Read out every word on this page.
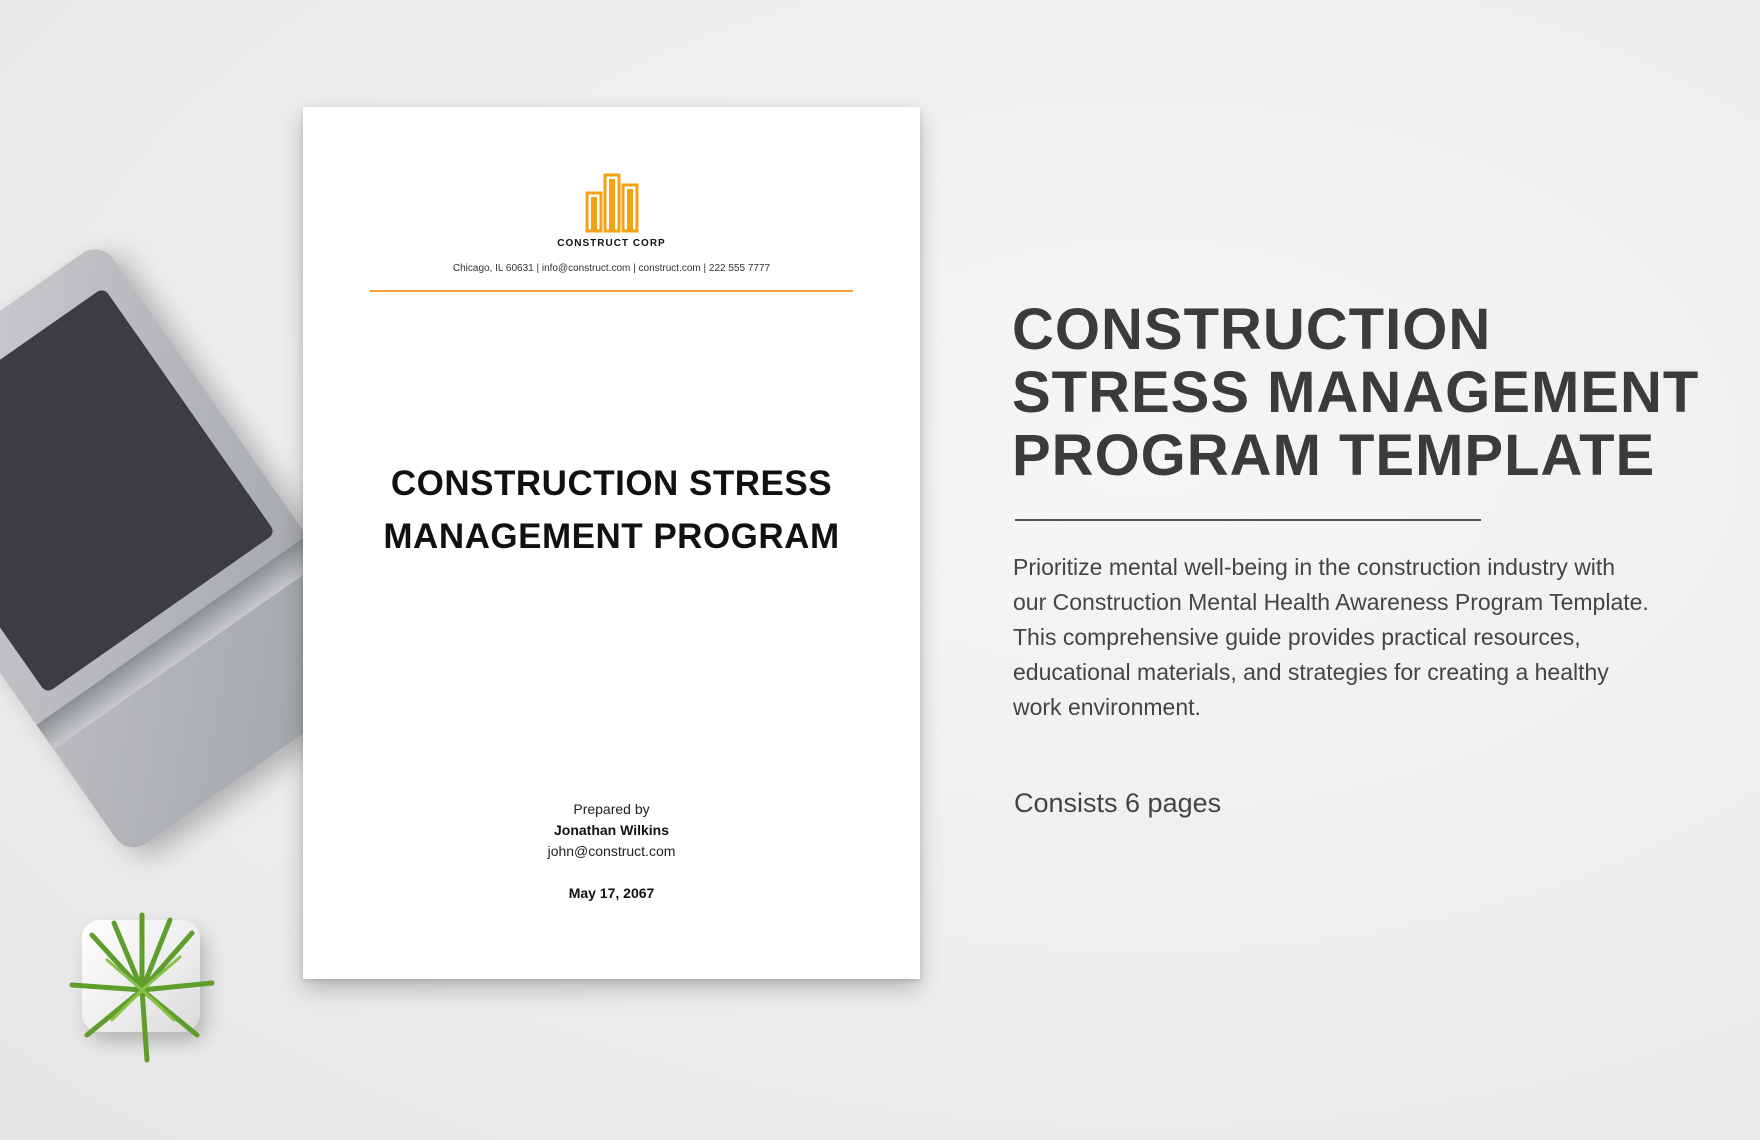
CONSTRUCT CORP
Chicago, IL 60631 | info@construct.com | construct.com | 222 555 7777
CONSTRUCTION STRESS
MANAGEMENT PROGRAM
Prepared by
Jonathan Wilkins
john@construct.com
May 17, 2067
CONSTRUCTION
STRESS MANAGEMENT
PROGRAM TEMPLATE
Prioritize mental well-being in the construction industry with our Construction Mental Health Awareness Program Template. This comprehensive guide provides practical resources, educational materials, and strategies for creating a healthy work environment.
Consists 6 pages
